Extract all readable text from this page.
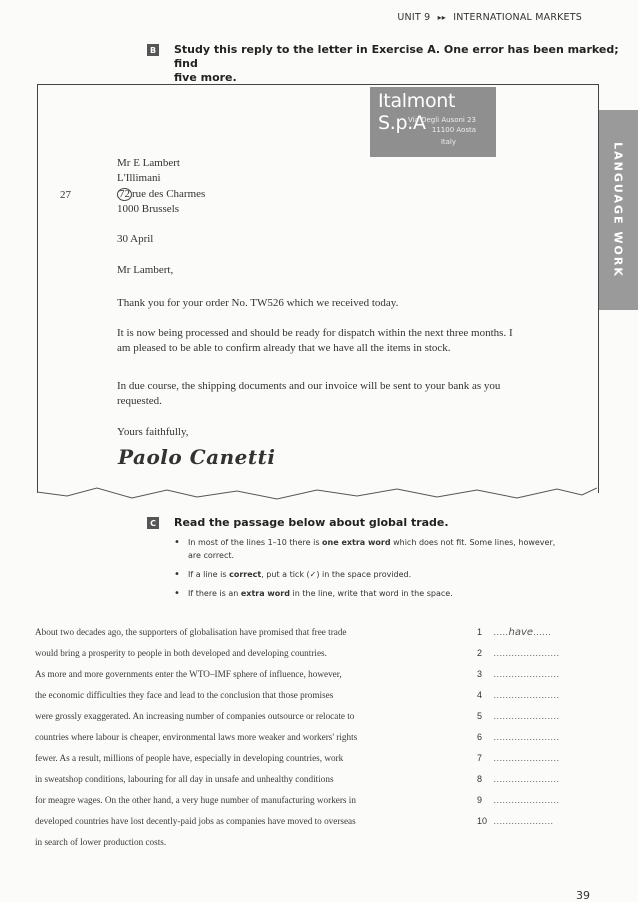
UNIT 9 ▸▸ INTERNATIONAL MARKETS
LANGUAGE WORK
B Study this reply to the letter in Exercise A. One error has been marked; find
five more.
Italmont S.p.A
Via Degli Ausoni 23
11100 Aosta
Italy
Mr E Lambert
L'Illimani
72 rue des Charmes
1000 Brussels
27
30 April
Mr Lambert,
Thank you for your order No. TW526 which we received today.
It is now being processed and should be ready for dispatch within the next three months. I am pleased to be able to confirm already that we have all the items in stock.
In due course, the shipping documents and our invoice will be sent to your bank as you requested.
Yours faithfully,
Paolo Canetti
C Read the passage below about global trade.
• In most of the lines 1–10 there is one extra word which does not fit. Some lines, however, are correct.
• If a line is correct, put a tick (✓) in the space provided.
• If there is an extra word in the line, write that word in the space.
About two decades ago, the supporters of globalisation have promised that free trade
would bring a prosperity to people in both developed and developing countries.
As more and more governments enter the WTO–IMF sphere of influence, however,
the economic difficulties they face and lead to the conclusion that those promises
were grossly exaggerated. An increasing number of companies outsource or relocate to
countries where labour is cheaper, environmental laws more weaker and workers' rights
fewer. As a result, millions of people have, especially in developing countries, work
in sweatshop conditions, labouring for all day in unsafe and unhealthy conditions
for meagre wages. On the other hand, a very huge number of manufacturing workers in
developed countries have lost decently-paid jobs as companies have moved to overseas
in search of lower production costs.
1 .....have......
2 ......................
3 ......................
4 ......................
5 ......................
6 ......................
7 ......................
8 ......................
9 ......................
10 ....................
39
